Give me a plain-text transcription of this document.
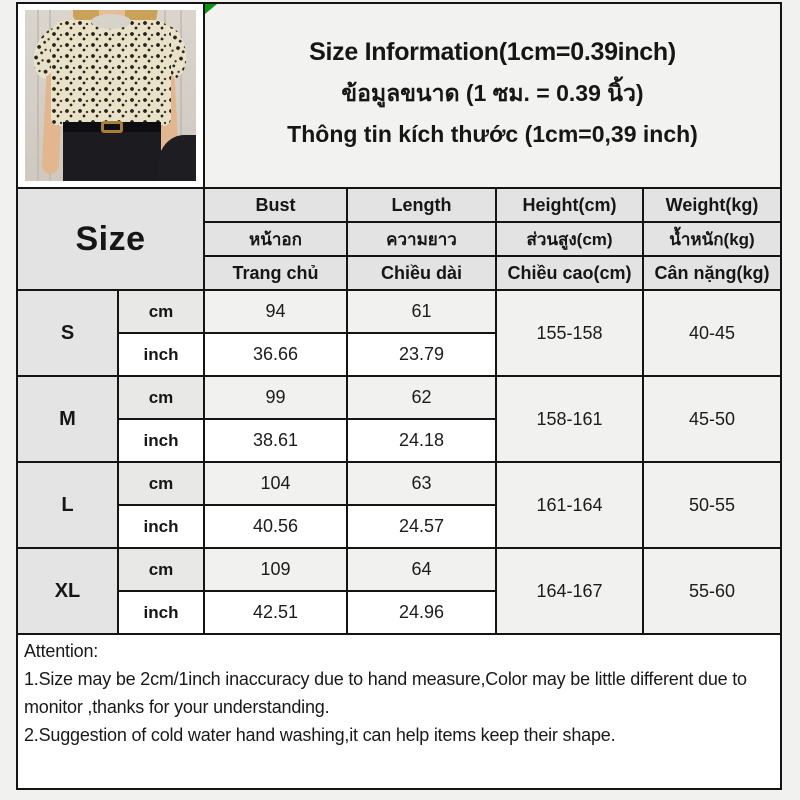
Size Information(1cm=0.39inch)
ข้อมูลขนาด (1 ซม. = 0.39 นิ้ว)
Thông tin kích thước (1cm=0,39 inch)
Size
Bust	Length	Height(cm)	Weight(kg)
หน้าอก	ความยาว	ส่วนสูง(cm)	น้ำหนัก(kg)
Trang chủ	Chiều dài	Chiều cao(cm)	Cân nặng(kg)
S
cm	94	61
155-158	40-45
inch	36.66	23.79
M
cm	99	62
158-161	45-50
inch	38.61	24.18
L
cm	104	63
161-164	50-55
inch	40.56	24.57
XL
cm	109	64
164-167	55-60
inch	42.51	24.96
Attention:
1.Size may be 2cm/1inch inaccuracy due to hand measure,Color may be little different due to monitor ,thanks for your understanding.
2.Suggestion of cold water hand washing,it can help items keep their shape.
